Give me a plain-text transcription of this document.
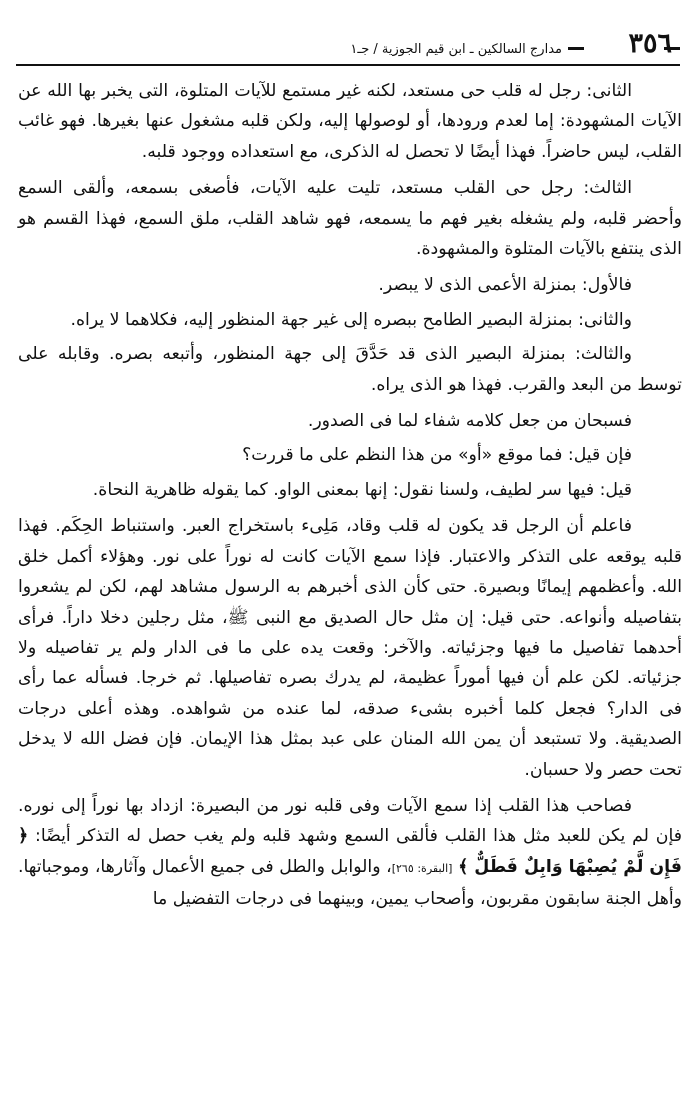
٣٥٦
مدارج السالكين ـ ابن قيم الجوزية / جـ١

الثانى: رجل له قلب حى مستعد، لكنه غير مستمع للآيات المتلوة، التى يخبر بها الله عن الآيات المشهودة: إما لعدم ورودها، أو لوصولها إليه، ولكن قلبه مشغول عنها بغيرها. فهو غائب القلب، ليس حاضراً. فهذا أيضًا لا تحصل له الذكرى، مع استعداده ووجود قلبه.

الثالث: رجل حى القلب مستعد، تليت عليه الآيات، فأصغى بسمعه، وألقى السمع وأحضر قلبه، ولم يشغله بغير فهم ما يسمعه، فهو شاهد القلب، ملق السمع، فهذا القسم هو الذى ينتفع بالآيات المتلوة والمشهودة.

فالأول: بمنزلة الأعمى الذى لا يبصر.

والثانى: بمنزلة البصير الطامح ببصره إلى غير جهة المنظور إليه، فكلاهما لا يراه.

والثالث: بمنزلة البصير الذى قد حَدَّقَ إلى جهة المنظور، وأتبعه بصره. وقابله على توسط من البعد والقرب. فهذا هو الذى يراه.

فسبحان من جعل كلامه شفاء لما فى الصدور.

فإن قيل: فما موقع «أو» من هذا النظم على ما قررت؟

قيل: فيها سر لطيف، ولسنا نقول: إنها بمعنى الواو. كما يقوله ظاهرية النحاة.

فاعلم أن الرجل قد يكون له قلب وقاد، مَلِىء باستخراج العبر. واستنباط الحِكَم. فهذا قلبه يوقعه على التذكر والاعتبار. فإذا سمع الآيات كانت له نوراً على نور. وهؤلاء أكمل خلق الله. وأعظمهم إيمانًا وبصيرة. حتى كأن الذى أخبرهم به الرسول مشاهد لهم، لكن لم يشعروا بتفاصيله وأنواعه. حتى قيل: إن مثل حال الصديق مع النبى ﷺ، مثل رجلين دخلا داراً. فرأى أحدهما تفاصيل ما فيها وجزئياته. والآخر: وقعت يده على ما فى الدار ولم ير تفاصيله ولا جزئياته. لكن علم أن فيها أموراً عظيمة، لم يدرك بصره تفاصيلها. ثم خرجا. فسأله عما رأى فى الدار؟ فجعل كلما أخبره بشىء صدقه، لما عنده من شواهده. وهذه أعلى درجات الصديقية. ولا تستبعد أن يمن الله المنان على عبد بمثل هذا الإيمان. فإن فضل الله لا يدخل تحت حصر ولا حسبان.

فصاحب هذا القلب إذا سمع الآيات وفى قلبه نور من البصيرة: ازداد بها نوراً إلى نوره. فإن لم يكن للعبد مثل هذا القلب فألقى السمع وشهد قلبه ولم يغب حصل له التذكر أيضًا: ﴿ فَإِن لَّمْ يُصِبْهَا وَابِلٌ فَطَلٌّ ﴾ [البقرة: ٢٦٥]، والوابل والطل فى جميع الأعمال وآثارها، وموجباتها. وأهل الجنة سابقون مقربون، وأصحاب يمين، وبينهما فى درجات التفضيل ما
